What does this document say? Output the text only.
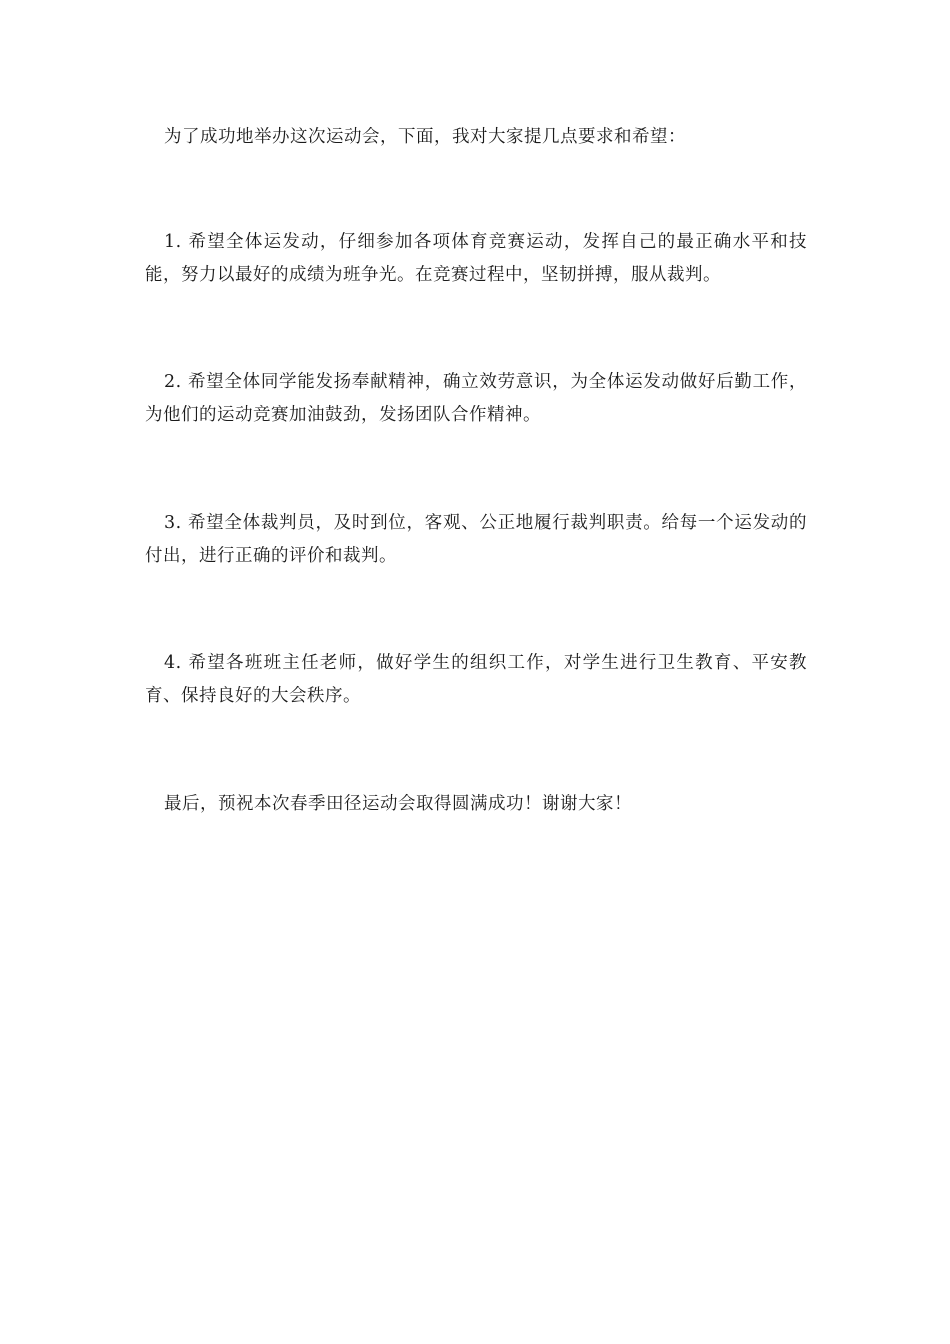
为了成功地举办这次运动会，下面，我对大家提几点要求和希望：

1. 希望全体运发动，仔细参加各项体育竞赛运动，发挥自己的最正确水平和技能，努力以最好的成绩为班争光。在竞赛过程中，坚韧拼搏，服从裁判。

2. 希望全体同学能发扬奉献精神，确立效劳意识，为全体运发动做好后勤工作，为他们的运动竞赛加油鼓劲，发扬团队合作精神。

3. 希望全体裁判员，及时到位，客观、公正地履行裁判职责。给每一个运发动的付出，进行正确的评价和裁判。

4. 希望各班班主任老师，做好学生的组织工作，对学生进行卫生教育、平安教育、保持良好的大会秩序。

最后，预祝本次春季田径运动会取得圆满成功！谢谢大家！
